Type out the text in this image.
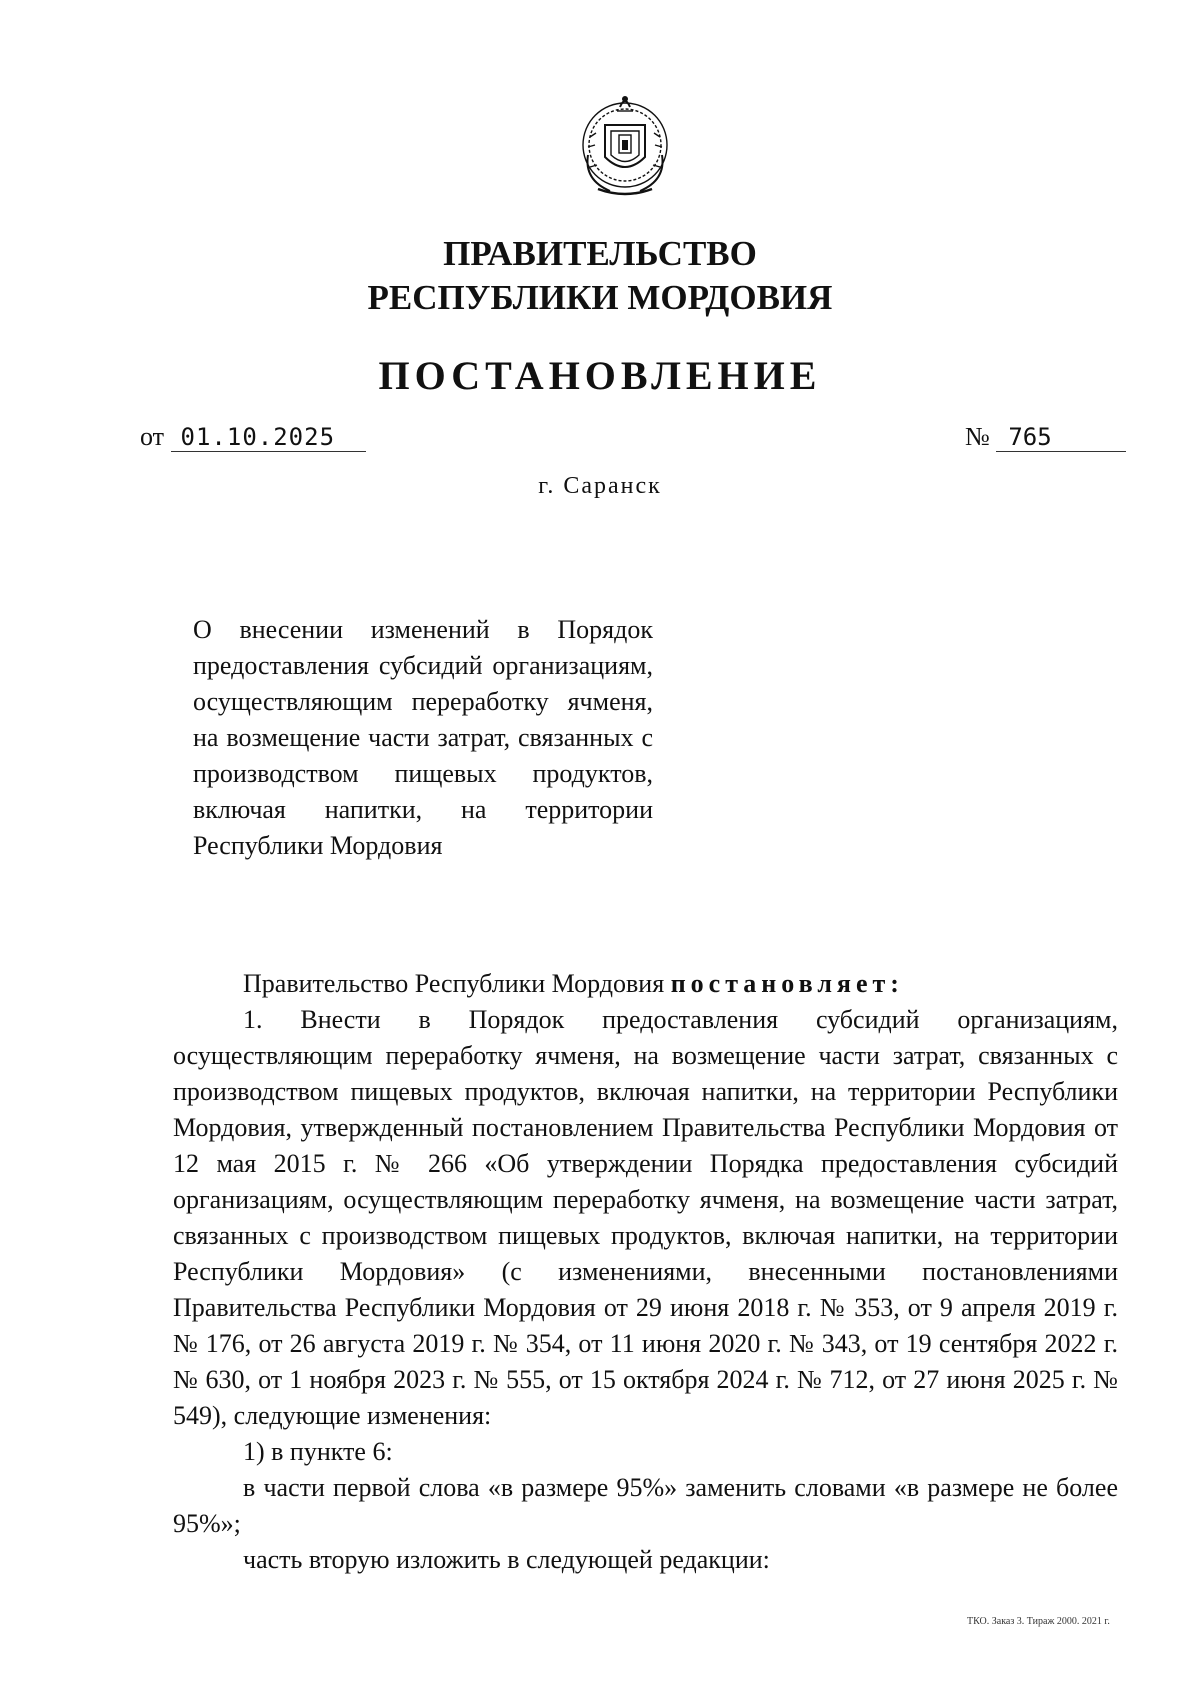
ПРАВИТЕЛЬСТВО
РЕСПУБЛИКИ МОРДОВИЯ
ПОСТАНОВЛЕНИЕ
от 01.10.2025	№ 765
г. Саранск

О внесении изменений в Порядок предоставления субсидий организациям, осуществляющим переработку ячменя, на возмещение части затрат, связанных с производством пищевых продуктов, включая напитки, на территории Республики Мордовия

Правительство Республики Мордовия постановляет:

1. Внести в Порядок предоставления субсидий организациям, осуществляющим переработку ячменя, на возмещение части затрат, связанных с производством пищевых продуктов, включая напитки, на территории Республики Мордовия, утвержденный постановлением Правительства Республики Мордовия от 12 мая 2015 г. № 266 «Об утверждении Порядка предоставления субсидий организациям, осуществляющим переработку ячменя, на возмещение части затрат, связанных с производством пищевых продуктов, включая напитки, на территории Республики Мордовия» (с изменениями, внесенными постановлениями Правительства Республики Мордовия от 29 июня 2018 г. № 353, от 9 апреля 2019 г. № 176, от 26 августа 2019 г. № 354, от 11 июня 2020 г. № 343, от 19 сентября 2022 г. № 630, от 1 ноября 2023 г. № 555, от 15 октября 2024 г. № 712, от 27 июня 2025 г. № 549), следующие изменения:

1) в пункте 6:

в части первой слова «в размере 95%» заменить словами «в размере не более 95%»;

часть вторую изложить в следующей редакции:

ТКО. Заказ 3. Тираж 2000. 2021 г.
